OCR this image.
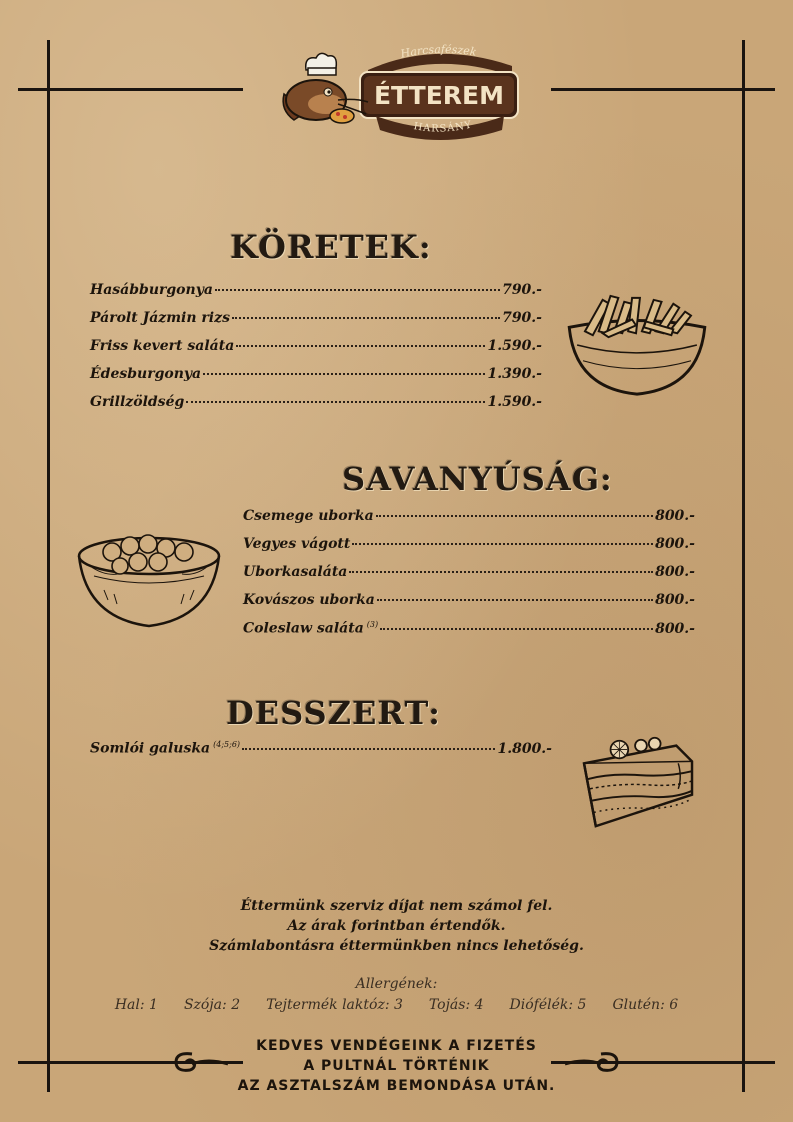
Harcsafészek
ÉTTEREM
HARSÁNY
KÖRETEK:
Hasábburgonya	790.-
Párolt Jázmin rizs	790.-
Friss kevert saláta	1.590.-
Édesburgonya	1.390.-
Grillzöldség	1.590.-
SAVANYÚSÁG:
Csemege uborka	800.-
Vegyes vágott	800.-
Uborkasaláta	800.-
Kovászos uborka	800.-
Coleslaw saláta $^{(3)}$	800.-
DESSZERT:
Somlói galuska $^{(4;5;6)}$	1.800.-

Éttermünk szerviz díjat nem számol fel.

Az árak forintban értendők.

Számlabontásra éttermünkben nincs lehetőség.

Allergének:
Hal: 1 Szója: 2 Tejtermék laktóz: 3 Tojás: 4 Diófélék: 5 Glutén: 6

KEDVES VENDÉGEINK A FIZETÉS

A PULTNÁL TÖRTÉNIK

AZ ASZTALSZÁM BEMONDÁSA UTÁN.
